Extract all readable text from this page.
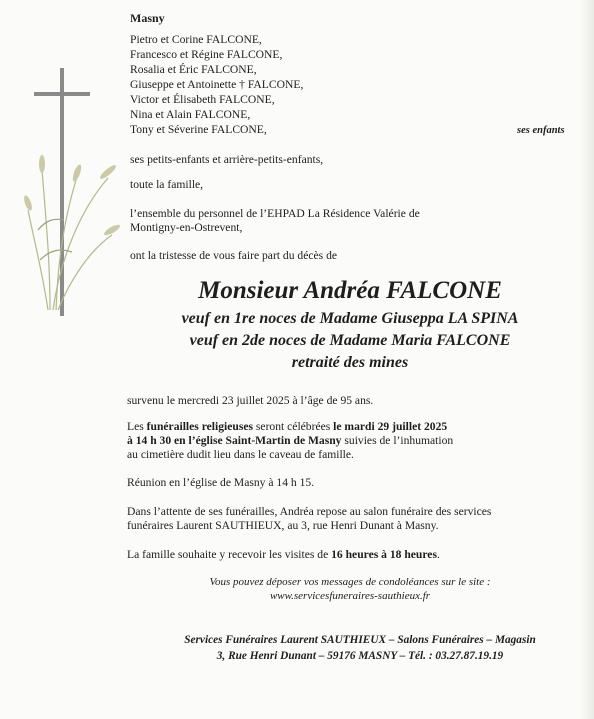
Masny
Pietro et Corine FALCONE,
Francesco et Régine FALCONE,
Rosalia et Éric FALCONE,
Giuseppe et Antoinette † FALCONE,
Victor et Élisabeth FALCONE,
Nina et Alain FALCONE,
Tony et Séverine FALCONE,	ses enfants
ses petits-enfants et arrière-petits-enfants,
toute la famille,
l’ensemble du personnel de l’EHPAD La Résidence Valérie de
Montigny-en-Ostrevent,
ont la tristesse de vous faire part du décès de
Monsieur Andréa FALCONE
veuf en 1re noces de Madame Giuseppa LA SPINA
veuf en 2de noces de Madame Maria FALCONE
retraité des mines
survenu le mercredi 23 juillet 2025 à l’âge de 95 ans.
Les funérailles religieuses seront célébrées le mardi 29 juillet 2025
à 14 h 30 en l’église Saint-Martin de Masny suivies de l’inhumation
au cimetière dudit lieu dans le caveau de famille.
Réunion en l’église de Masny à 14 h 15.
Dans l’attente de ses funérailles, Andréa repose au salon funéraire des services
funéraires Laurent SAUTHIEUX, au 3, rue Henri Dunant à Masny.
La famille souhaite y recevoir les visites de 16 heures à 18 heures.
Vous pouvez déposer vos messages de condoléances sur le site :
www.servicesfuneraires-sauthieux.fr
Services Funéraires Laurent SAUTHIEUX – Salons Funéraires – Magasin
3, Rue Henri Dunant – 59176 MASNY – Tél. : 03.27.87.19.19
